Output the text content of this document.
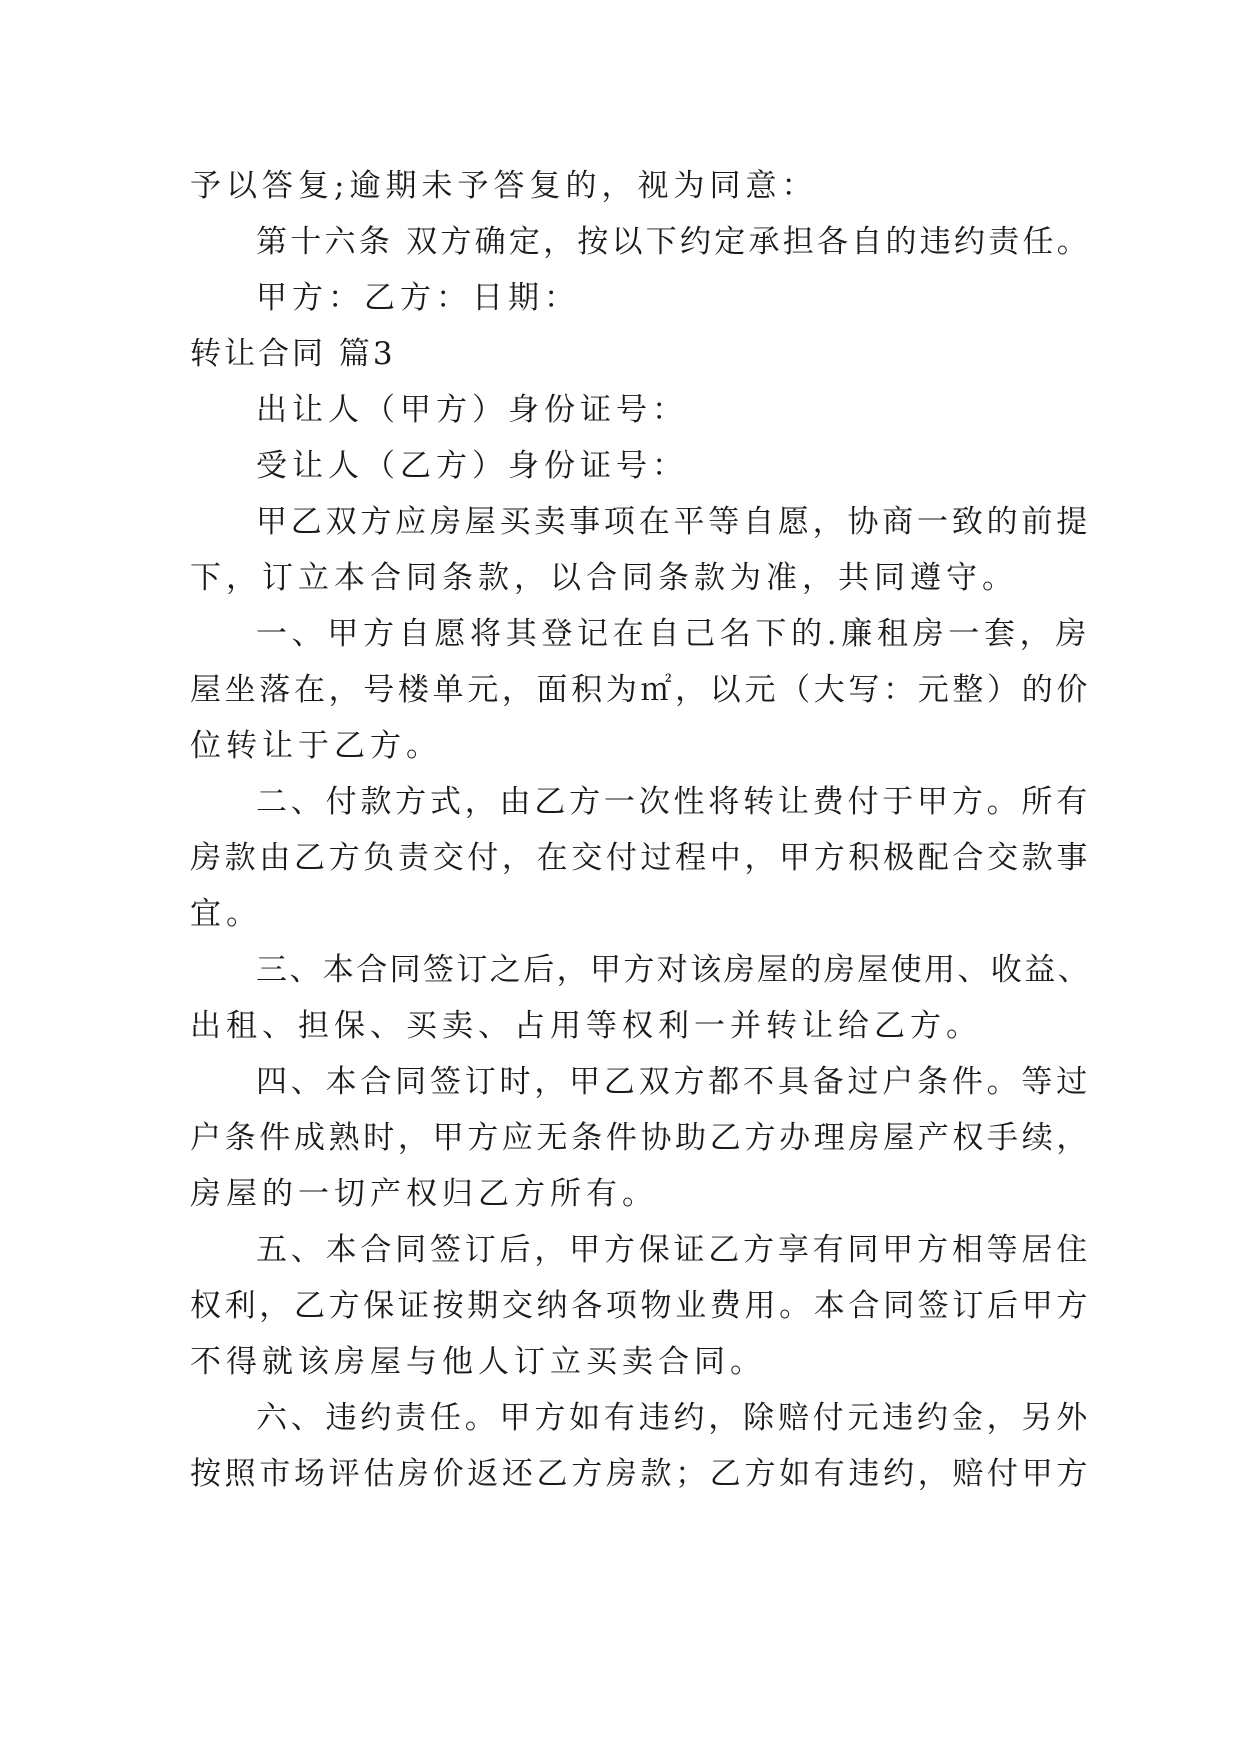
予以答复;逾期未予答复的，视为同意：
第十六条 双方确定，按以下约定承担各自的违约责任。
甲方：乙方：日期：
转让合同 篇3
出让人（甲方）身份证号：
受让人（乙方）身份证号：
甲乙双方应房屋买卖事项在平等自愿，协商一致的前提
下，订立本合同条款，以合同条款为准，共同遵守。
一、甲方自愿将其登记在自己名下的.廉租房一套，房
屋坐落在，号楼单元，面积为㎡，以元（大写：元整）的价
位转让于乙方。
二、付款方式，由乙方一次性将转让费付于甲方。所有
房款由乙方负责交付，在交付过程中，甲方积极配合交款事
宜。
三、本合同签订之后，甲方对该房屋的房屋使用、收益、
出租、担保、买卖、占用等权利一并转让给乙方。
四、本合同签订时，甲乙双方都不具备过户条件。等过
户条件成熟时，甲方应无条件协助乙方办理房屋产权手续，
房屋的一切产权归乙方所有。
五、本合同签订后，甲方保证乙方享有同甲方相等居住
权利，乙方保证按期交纳各项物业费用。本合同签订后甲方
不得就该房屋与他人订立买卖合同。
六、违约责任。甲方如有违约，除赔付元违约金，另外
按照市场评估房价返还乙方房款；乙方如有违约，赔付甲方
